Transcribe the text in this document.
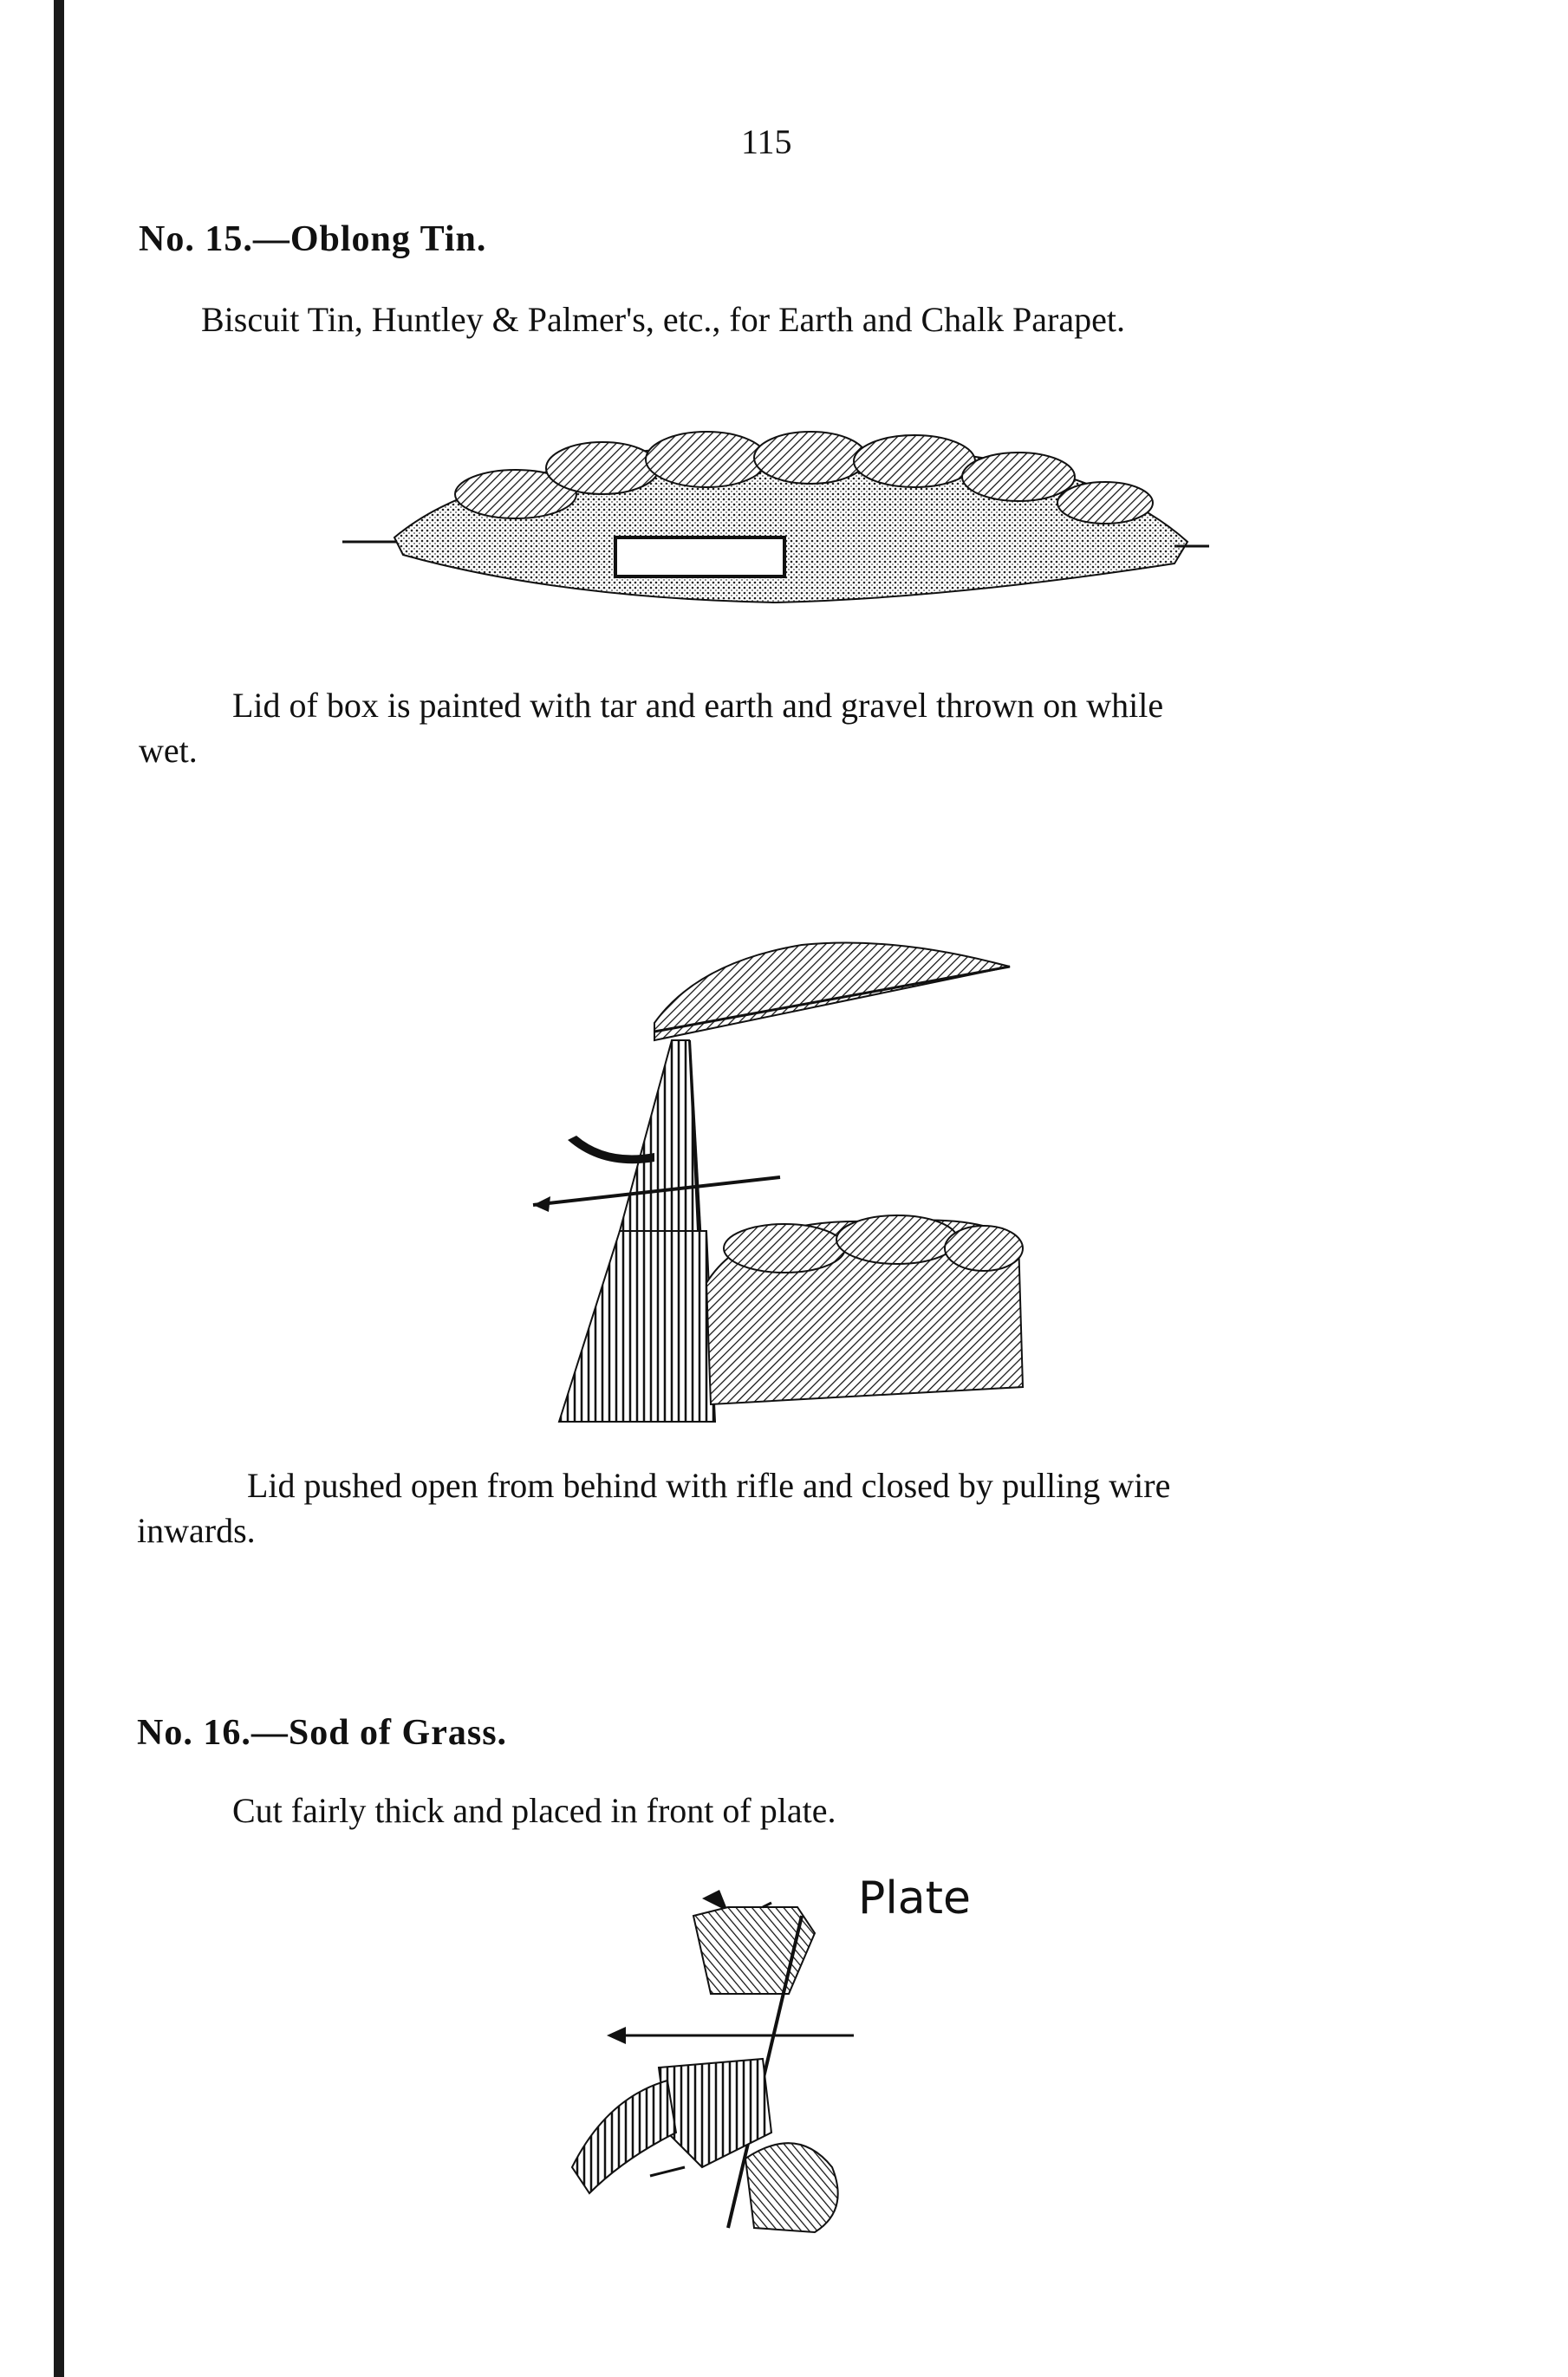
115
No. 15.—Oblong Tin.
Biscuit Tin, Huntley & Palmer's, etc., for Earth and Chalk Parapet.
Lid of box is painted with tar and earth and gravel thrown on while
wet.
Lid pushed open from behind with rifle and closed by pulling wire
inwards.
No. 16.—Sod of Grass.
Cut fairly thick and placed in front of plate.
Plate
